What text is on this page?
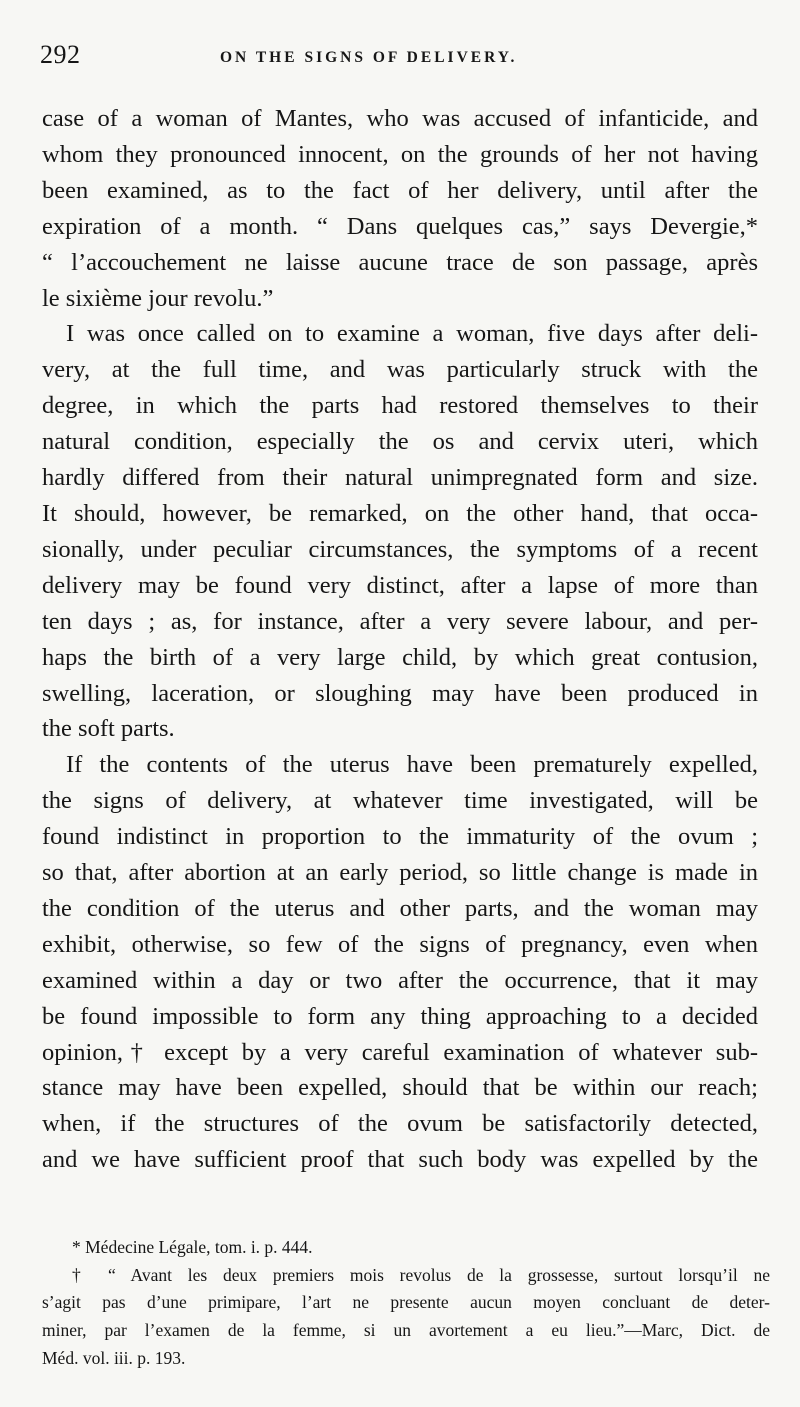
292	ON THE SIGNS OF DELIVERY.
case of a woman of Mantes, who was accused of infanticide, and
whom they pronounced innocent, on the grounds of her not having
been examined, as to the fact of her delivery, until after the
expiration of a month. “ Dans quelques cas,” says Devergie,*
“ l’accouchement ne laisse aucune trace de son passage, après
le sixième jour revolu.”
I was once called on to examine a woman, five days after deli-
very, at the full time, and was particularly struck with the
degree, in which the parts had restored themselves to their
natural condition, especially the os and cervix uteri, which
hardly differed from their natural unimpregnated form and size.
It should, however, be remarked, on the other hand, that occa-
sionally, under peculiar circumstances, the symptoms of a recent
delivery may be found very distinct, after a lapse of more than
ten days ; as, for instance, after a very severe labour, and per-
haps the birth of a very large child, by which great contusion,
swelling, laceration, or sloughing may have been produced in
the soft parts.
If the contents of the uterus have been prematurely expelled,
the signs of delivery, at whatever time investigated, will be
found indistinct in proportion to the immaturity of the ovum ;
so that, after abortion at an early period, so little change is made in
the condition of the uterus and other parts, and the woman may
exhibit, otherwise, so few of the signs of pregnancy, even when
examined within a day or two after the occurrence, that it may
be found impossible to form any thing approaching to a decided
opinion,† except by a very careful examination of whatever sub-
stance may have been expelled, should that be within our reach;
when, if the structures of the ovum be satisfactorily detected,
and we have sufficient proof that such body was expelled by the
* Médecine Légale, tom. i. p. 444.
† “ Avant les deux premiers mois revolus de la grossesse, surtout lorsqu’il ne
s’agit pas d’une primipare, l’art ne presente aucun moyen concluant de deter-
miner, par l’examen de la femme, si un avortement a eu lieu.”—Marc, Dict. de
Méd. vol. iii. p. 193.
